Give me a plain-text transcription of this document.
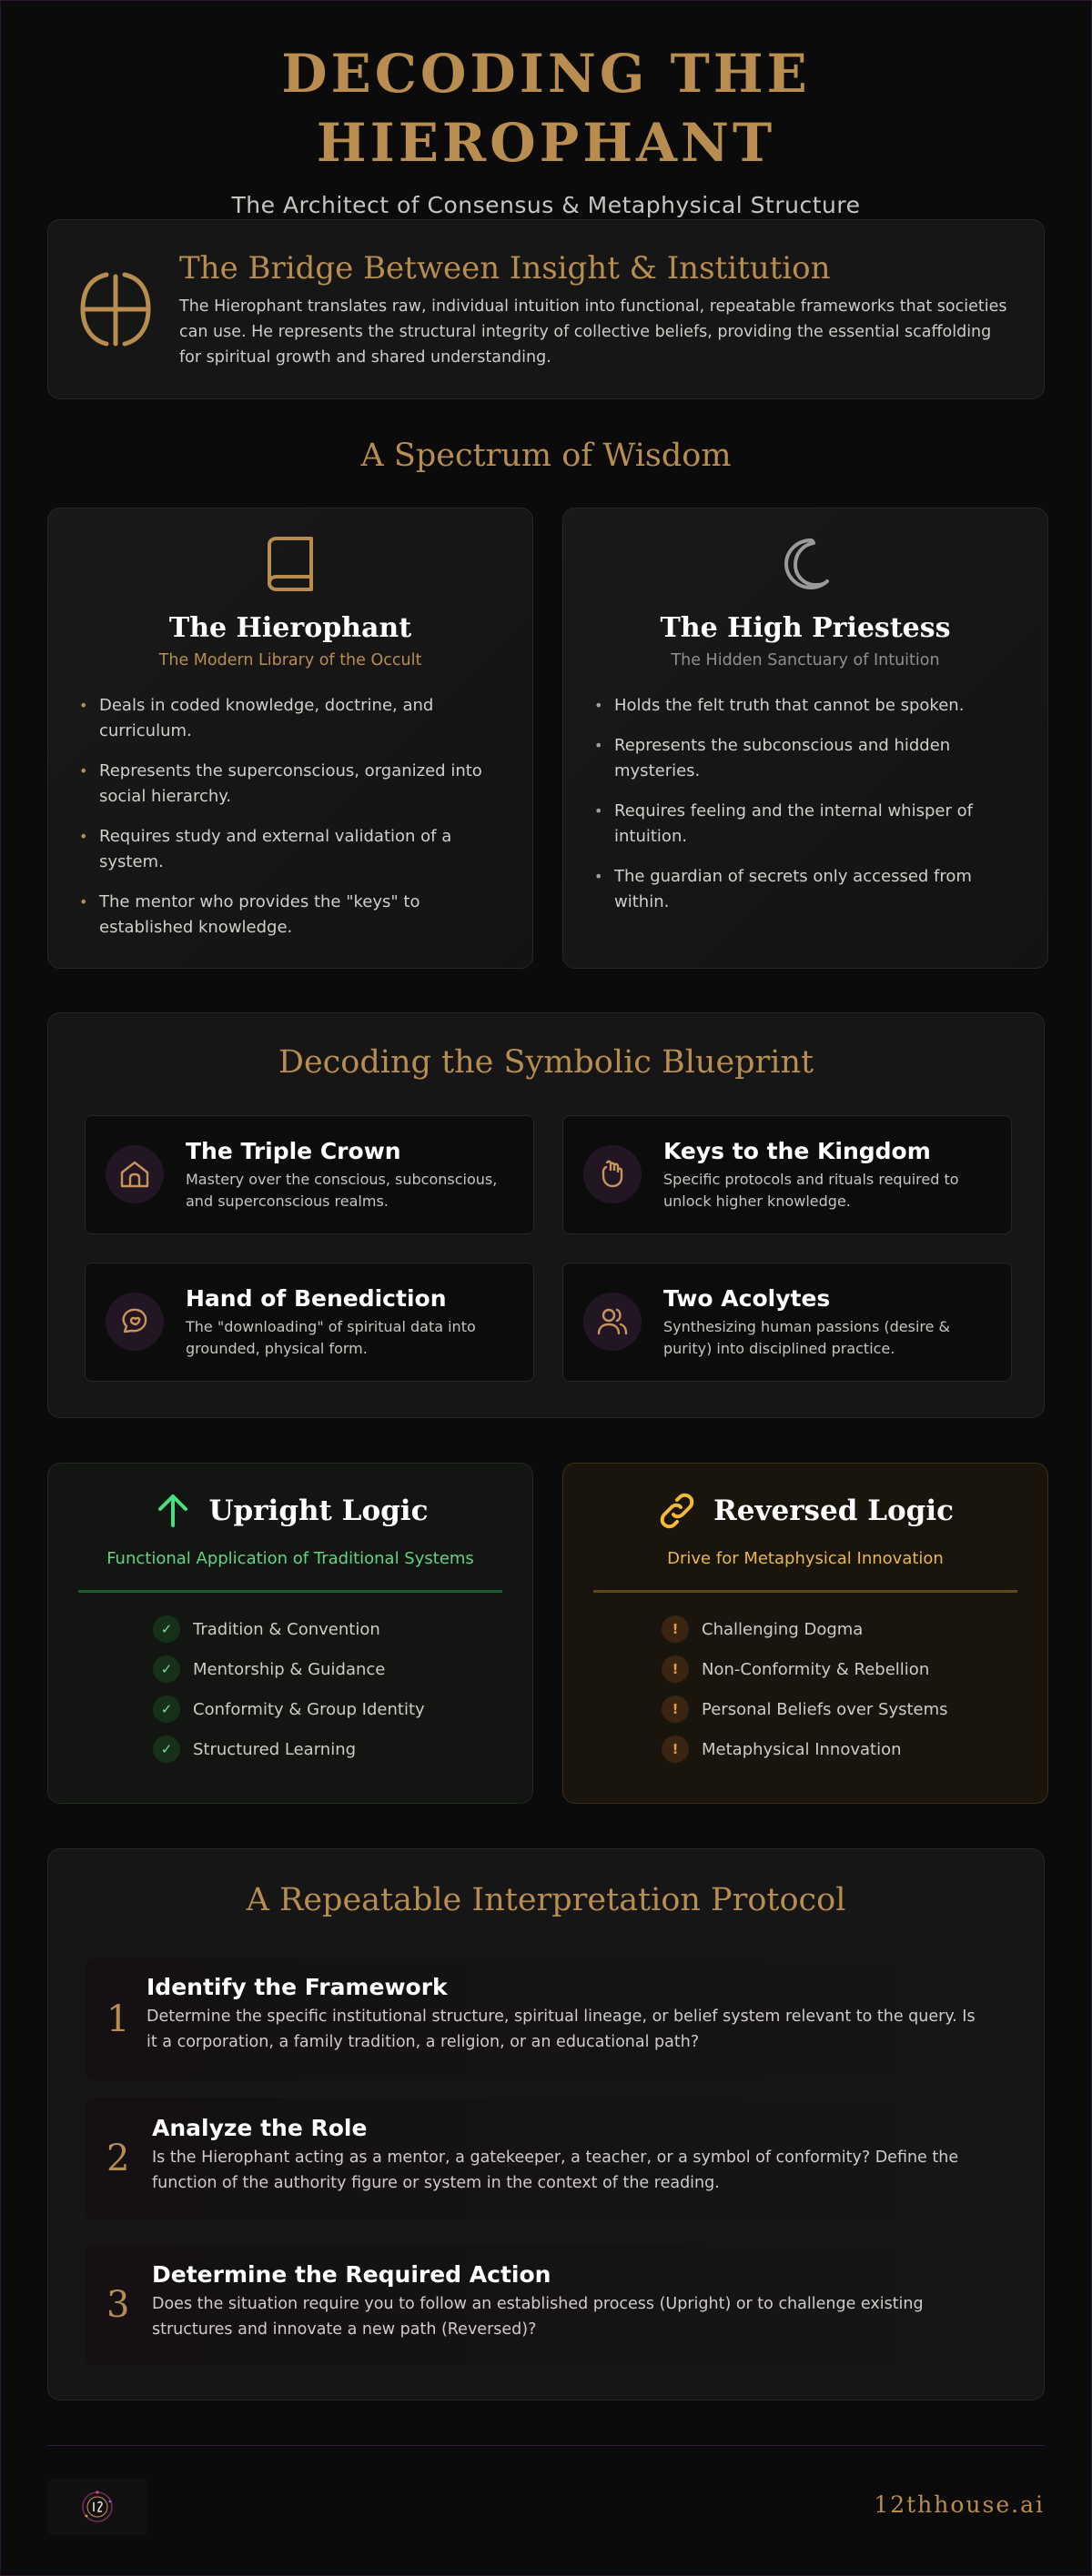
DECODING THE HIEROPHANT
The Architect of Consensus & Metaphysical Structure
The Bridge Between Insight & Institution

The Hierophant translates raw, individual intuition into functional, repeatable frameworks that societies can use. He represents the structural integrity of collective beliefs, providing the essential scaffolding for spiritual growth and shared understanding.

A Spectrum of Wisdom
The Hierophant
The Modern Library of the Occult
• Deals in coded knowledge, doctrine, and curriculum.
• Represents the superconscious, organized into social hierarchy.
• Requires study and external validation of a system.
• The mentor who provides the "keys" to established knowledge.
The High Priestess
The Hidden Sanctuary of Intuition
• Holds the felt truth that cannot be spoken.
• Represents the subconscious and hidden mysteries.
• Requires feeling and the internal whisper of intuition.
• The guardian of secrets only accessed from within.
Decoding the Symbolic Blueprint
The Triple Crown

Mastery over the conscious, subconscious, and superconscious realms.

Keys to the Kingdom

Specific protocols and rituals required to unlock higher knowledge.

Hand of Benediction

The "downloading" of spiritual data into grounded, physical form.

Two Acolytes

Synthesizing human passions (desire & purity) into disciplined practice.

Upright Logic
Functional Application of Traditional Systems
✓	Tradition & Convention
✓	Mentorship & Guidance
✓	Conformity & Group Identity
✓	Structured Learning
Reversed Logic
Drive for Metaphysical Innovation
!	Challenging Dogma
!	Non-Conformity & Rebellion
!	Personal Beliefs over Systems
!	Metaphysical Innovation
A Repeatable Interpretation Protocol
1
Identify the Framework

Determine the specific institutional structure, spiritual lineage, or belief system relevant to the query. Is it a corporation, a family tradition, a religion, or an educational path?

2
Analyze the Role

Is the Hierophant acting as a mentor, a gatekeeper, a teacher, or a symbol of conformity? Define the function of the authority figure or system in the context of the reading.

3
Determine the Required Action

Does the situation require you to follow an established process (Upright) or to challenge existing structures and innovate a new path (Reversed)?

12thhouse.ai
